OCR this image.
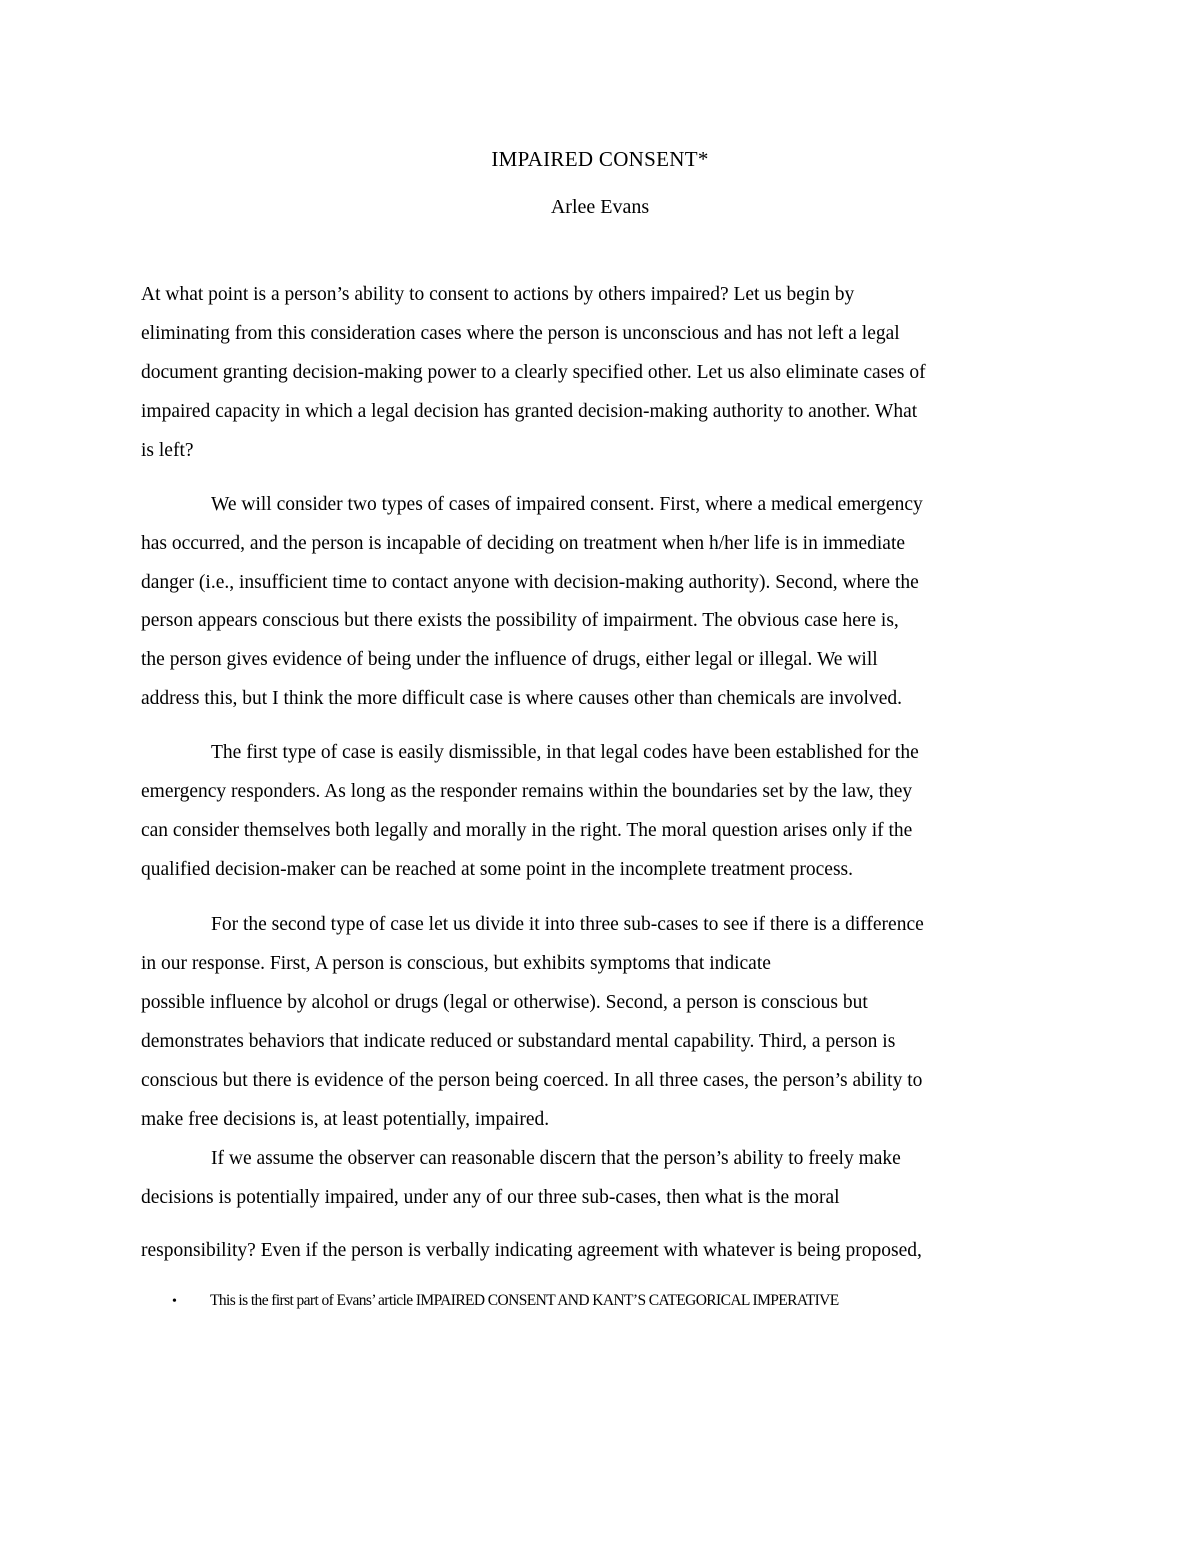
IMPAIRED CONSENT*
Arlee Evans
At what point is a person’s ability to consent to actions by others impaired? Let us begin by
eliminating from this consideration cases where the person is unconscious and has not left a legal
document granting decision-making power to a clearly specified other. Let us also eliminate cases of
impaired capacity in which a legal decision has granted decision-making authority to another. What
is left?
We will consider two types of cases of impaired consent. First, where a medical emergency
has occurred, and the person is incapable of deciding on treatment when h/her life is in immediate
danger (i.e., insufficient time to contact anyone with decision-making authority). Second, where the
person appears conscious but there exists the possibility of impairment. The obvious case here is,
the person gives evidence of being under the influence of drugs, either legal or illegal. We will
address this, but I think the more difficult case is where causes other than chemicals are involved.
The first type of case is easily dismissible, in that legal codes have been established for the
emergency responders. As long as the responder remains within the boundaries set by the law, they
can consider themselves both legally and morally in the right. The moral question arises only if the
qualified decision-maker can be reached at some point in the incomplete treatment process.
For the second type of case let us divide it into three sub-cases to see if there is a difference
in our response. First, A person is conscious, but exhibits symptoms that indicate
possible influence by alcohol or drugs (legal or otherwise). Second, a person is conscious but
demonstrates behaviors that indicate reduced or substandard mental capability. Third, a person is
conscious but there is evidence of the person being coerced. In all three cases, the person’s ability to
make free decisions is, at least potentially, impaired.
If we assume the observer can reasonable discern that the person’s ability to freely make
decisions is potentially impaired, under any of our three sub-cases, then what is the moral
responsibility? Even if the person is verbally indicating agreement with whatever is being proposed,
• This is the first part of Evans’ article IMPAIRED CONSENT AND KANT’S CATEGORICAL IMPERATIVE
